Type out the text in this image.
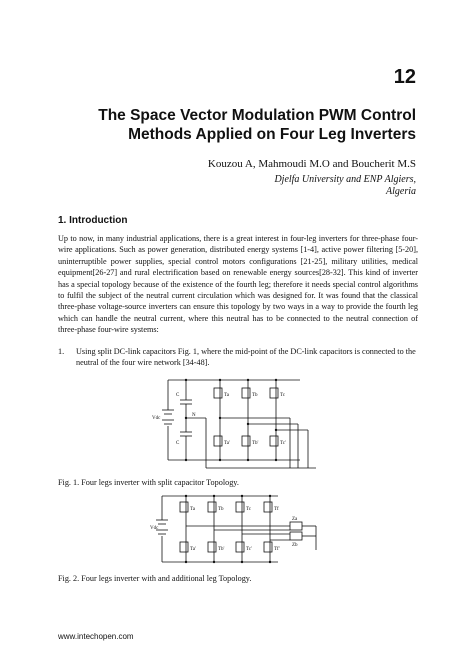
12
The Space Vector Modulation PWM Control
Methods Applied on Four Leg Inverters
Kouzou A, Mahmoudi M.O and Boucherit M.S
Djelfa University and ENP Algiers,
Algeria
1. Introduction
Up to now, in many industrial applications, there is a great interest in four-leg inverters for three-phase four-wire applications. Such as power generation, distributed energy systems [1-4], active power filtering [5-20], uninterruptible power supplies, special control motors configurations [21-25], military utilities, medical equipment[26-27] and rural electrification based on renewable energy sources[28-32]. This kind of inverter has a special topology because of the existence of the fourth leg; therefore it needs special control algorithms to fulfil the subject of the neutral current circulation which was designed for. It was found that the classical three-phase voltage-source inverters can ensure this topology by two ways in a way to provide the fourth leg which can handle the neutral current, where this neutral has to be connected to the neutral connection of three-phase four-wire systems:
1. Using split DC-link capacitors Fig. 1, where the mid-point of the DC-link capacitors is connected to the neutral of the four wire network [34-48].
Vdc
C
C
N
Ta	Tb	Tc
Ta'	Tb'	Tc'
Fig. 1. Four legs inverter with split capacitor Topology.
Vdc
Za
Zb
Ta	Tb	Tc	Tf
Ta'	Tb'	Tc'	Tf'
Fig. 2. Four legs inverter with and additional leg Topology.
www.intechopen.com
